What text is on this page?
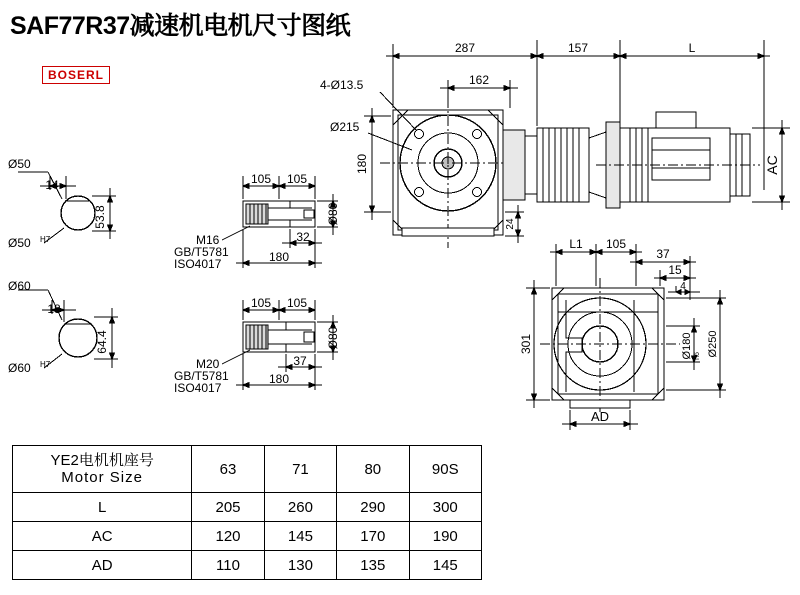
SAF77R37减速机电机尺寸图纸
BOSERL
Ø50
14
53.8
Ø50 H7
Ø60
18
64.4
Ø60 H7
105 105
32
180
Ø80
M16
GB/T5781
ISO4017
105 105
37
180
Ø80
M20
GB/T5781
ISO4017
287
162
157	L
4-Ø13.5
Ø215
180
24
AC
L1 105
37
15
4
301	Ø180 h6 Ø250
AD
YE2电机机座号
Motor Size	63	71	80	90S
L	205	260	290	300
AC	120	145	170	190
AD	110	130	135	145
